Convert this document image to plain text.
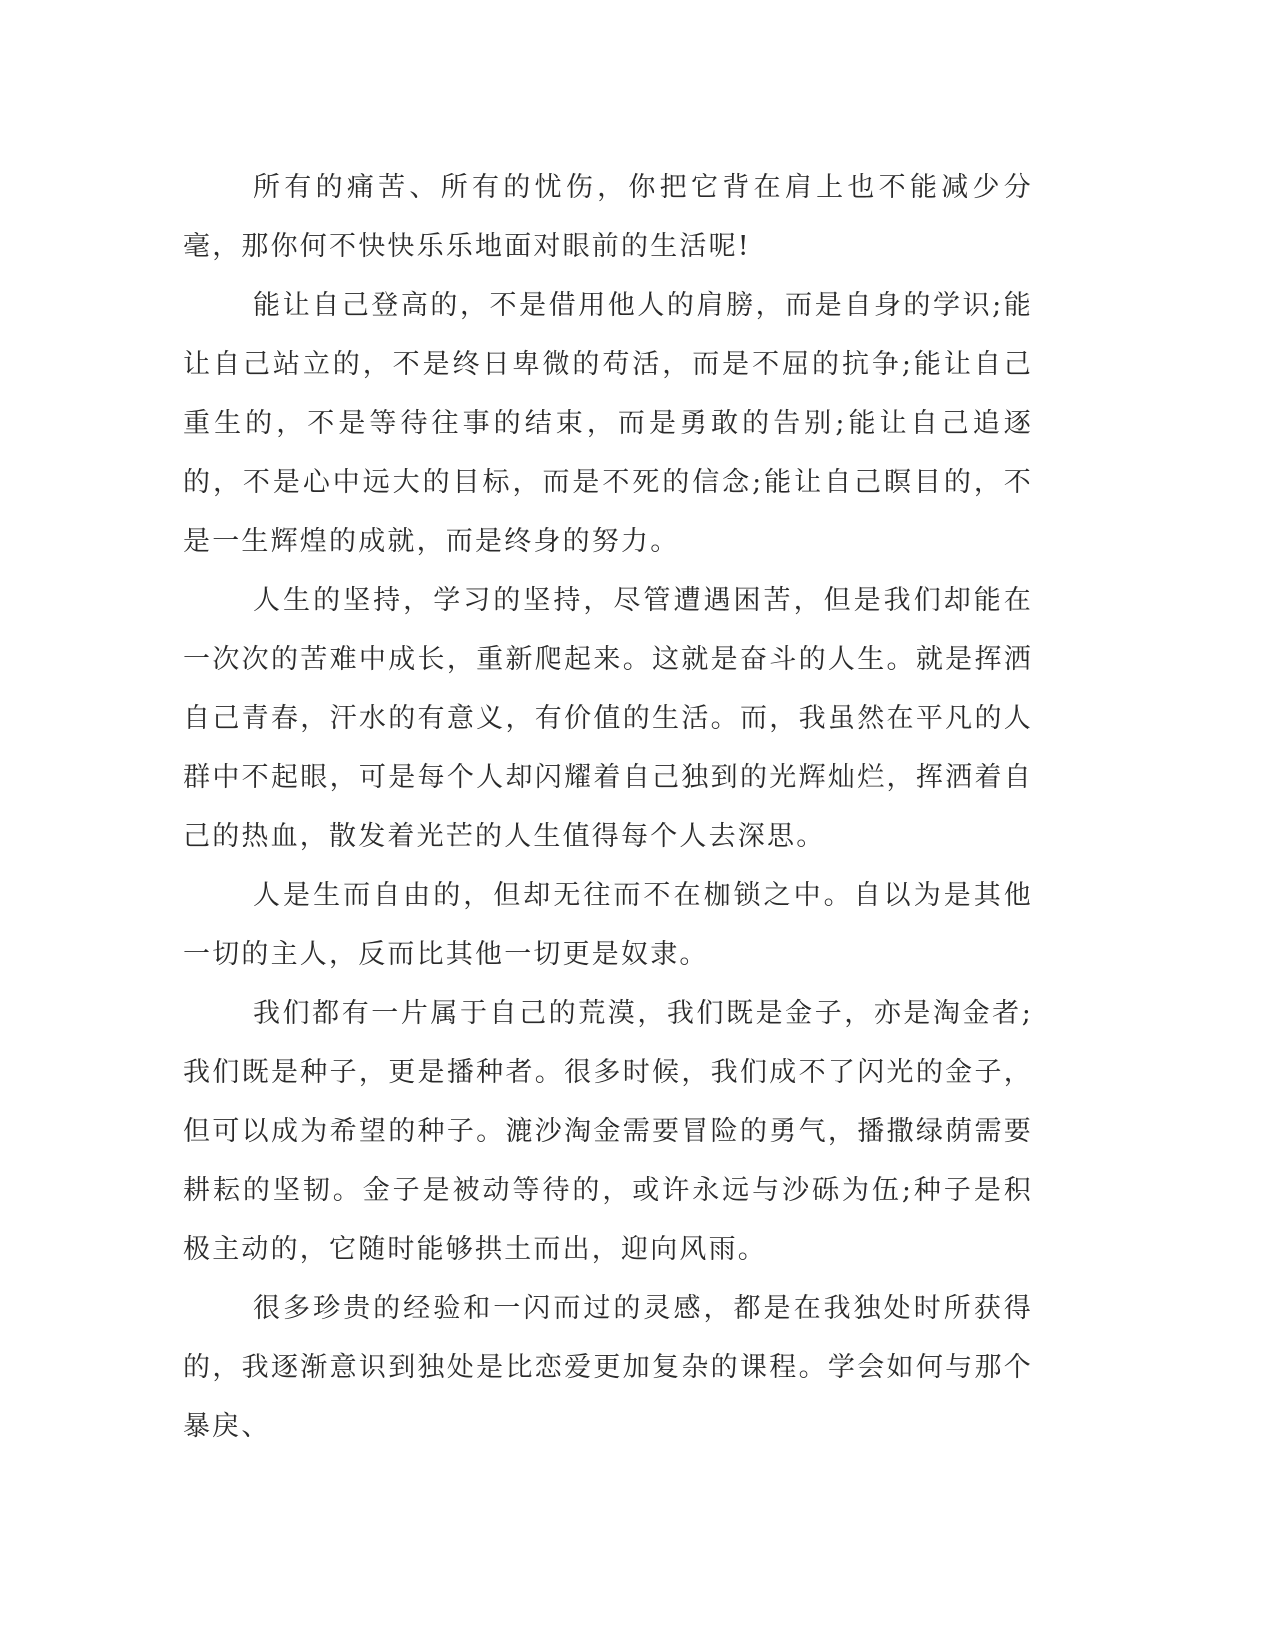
所有的痛苦、所有的忧伤，你把它背在肩上也不能减少分毫，那你何不快快乐乐地面对眼前的生活呢!

能让自己登高的，不是借用他人的肩膀，而是自身的学识;能让自己站立的，不是终日卑微的苟活，而是不屈的抗争;能让自己重生的，不是等待往事的结束，而是勇敢的告别;能让自己追逐的，不是心中远大的目标，而是不死的信念;能让自己瞑目的，不是一生辉煌的成就，而是终身的努力。

人生的坚持，学习的坚持，尽管遭遇困苦，但是我们却能在一次次的苦难中成长，重新爬起来。这就是奋斗的人生。就是挥洒自己青春，汗水的有意义，有价值的生活。而，我虽然在平凡的人群中不起眼，可是每个人却闪耀着自己独到的光辉灿烂，挥洒着自己的热血，散发着光芒的人生值得每个人去深思。

人是生而自由的，但却无往而不在枷锁之中。自以为是其他一切的主人，反而比其他一切更是奴隶。

我们都有一片属于自己的荒漠，我们既是金子，亦是淘金者;我们既是种子，更是播种者。很多时候，我们成不了闪光的金子，但可以成为希望的种子。漉沙淘金需要冒险的勇气，播撒绿荫需要耕耘的坚韧。金子是被动等待的，或许永远与沙砾为伍;种子是积极主动的，它随时能够拱土而出，迎向风雨。

很多珍贵的经验和一闪而过的灵感，都是在我独处时所获得的，我逐渐意识到独处是比恋爱更加复杂的课程。学会如何与那个暴戾、
